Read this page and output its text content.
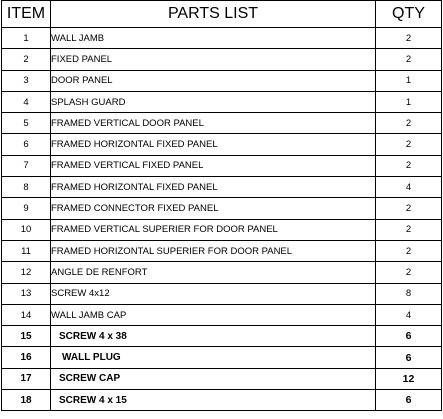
ITEM	PARTS LIST	QTY
1	WALL JAMB	2
2	FIXED PANEL	2
3	DOOR PANEL	1
4	SPLASH GUARD	1
5	FRAMED VERTICAL DOOR PANEL	2
6	FRAMED HORIZONTAL FIXED PANEL	2
7	FRAMED VERTICAL FIXED PANEL	2
8	FRAMED HORIZONTAL FIXED PANEL	4
9	FRAMED CONNECTOR FIXED PANEL	2
10	FRAMED VERTICAL SUPERIER FOR DOOR PANEL	2
11	FRAMED HORIZONTAL SUPERIER FOR DOOR PANEL	2
12	ANGLE DE RENFORT	2
13	SCREW 4x12	8
14	WALL JAMB CAP	4
15	SCREW 4 x 38	6
16	WALL PLUG	6
17	SCREW CAP	12
18	SCREW 4 x 15	6
